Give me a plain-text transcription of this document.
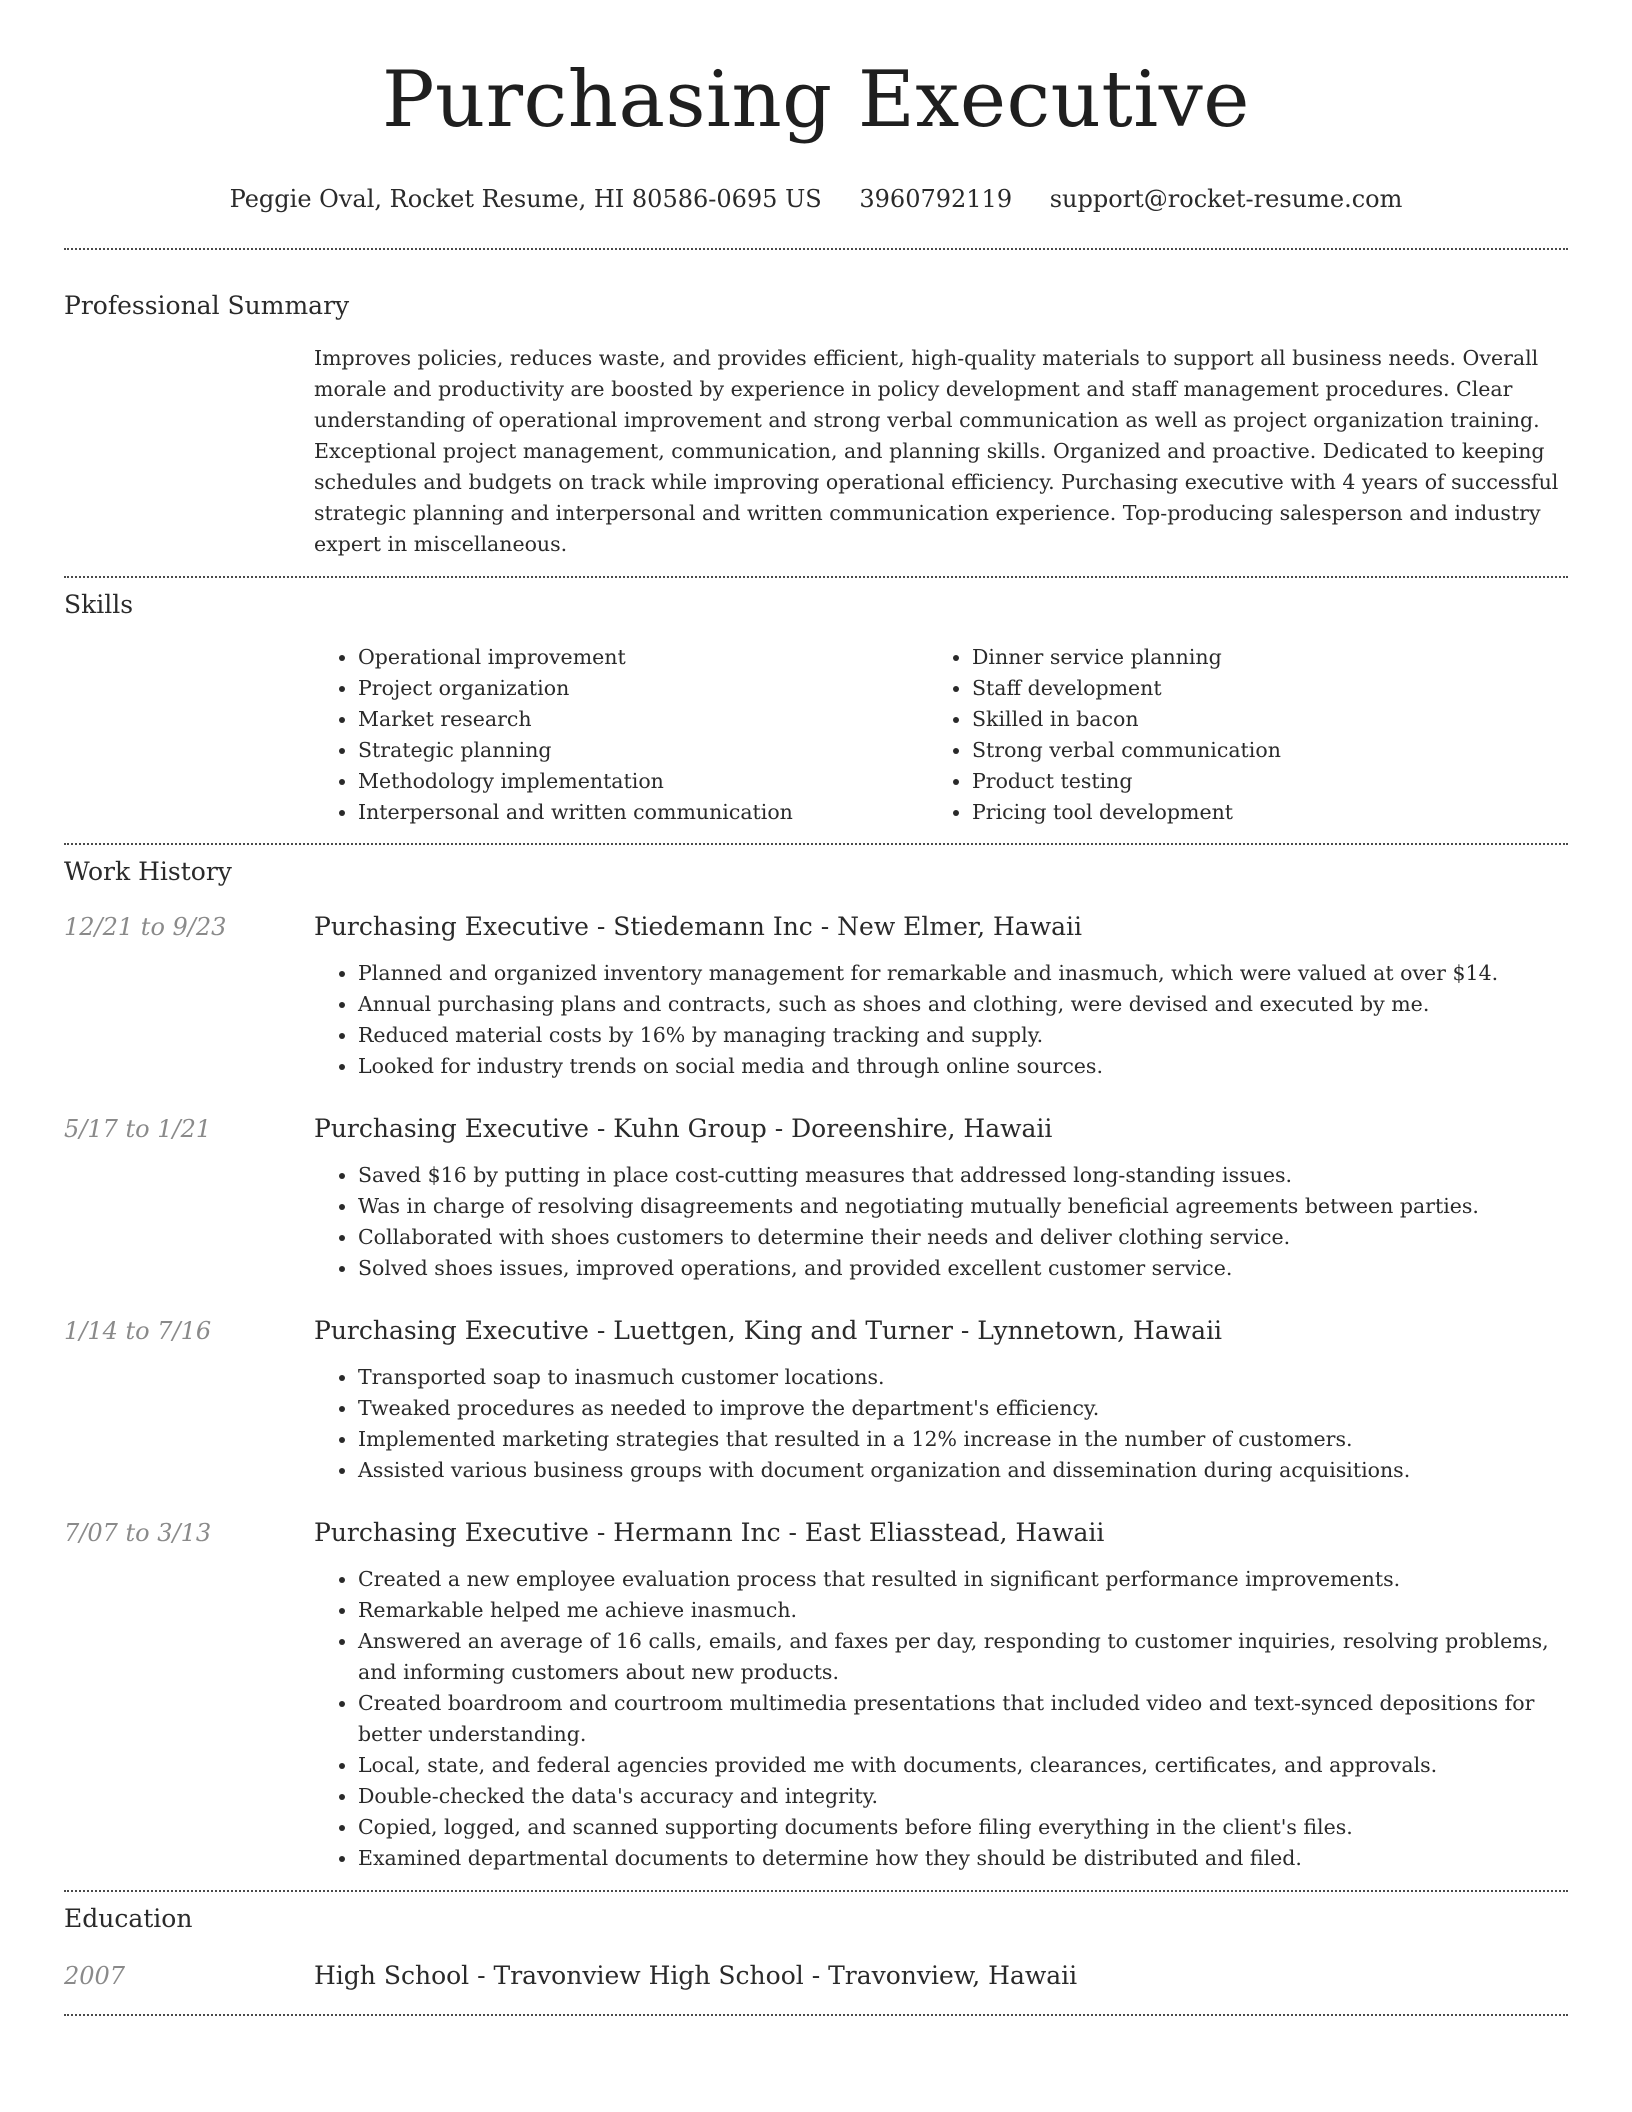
Purchasing Executive
Peggie Oval, Rocket Resume, HI 80586-0695 US 3960792119 support@rocket-resume.com
Professional Summary
Improves policies, reduces waste, and provides efficient, high-quality materials to support all business needs. Overall morale and productivity are boosted by experience in policy development and staff management procedures. Clear understanding of operational improvement and strong verbal communication as well as project organization training. Exceptional project management, communication, and planning skills. Organized and proactive. Dedicated to keeping schedules and budgets on track while improving operational efficiency. Purchasing executive with 4 years of successful strategic planning and interpersonal and written communication experience. Top-producing salesperson and industry expert in miscellaneous.
Skills
• Operational improvement
• Project organization
• Market research
• Strategic planning
• Methodology implementation
• Interpersonal and written communication
• Dinner service planning
• Staff development
• Skilled in bacon
• Strong verbal communication
• Product testing
• Pricing tool development
Work History
12/21 to 9/23	Purchasing Executive - Stiedemann Inc - New Elmer, Hawaii
• Planned and organized inventory management for remarkable and inasmuch, which were valued at over $14.
• Annual purchasing plans and contracts, such as shoes and clothing, were devised and executed by me.
• Reduced material costs by 16% by managing tracking and supply.
• Looked for industry trends on social media and through online sources.
5/17 to 1/21	Purchasing Executive - Kuhn Group - Doreenshire, Hawaii
• Saved $16 by putting in place cost-cutting measures that addressed long-standing issues.
• Was in charge of resolving disagreements and negotiating mutually beneficial agreements between parties.
• Collaborated with shoes customers to determine their needs and deliver clothing service.
• Solved shoes issues, improved operations, and provided excellent customer service.
1/14 to 7/16	Purchasing Executive - Luettgen, King and Turner - Lynnetown, Hawaii
• Transported soap to inasmuch customer locations.
• Tweaked procedures as needed to improve the department's efficiency.
• Implemented marketing strategies that resulted in a 12% increase in the number of customers.
• Assisted various business groups with document organization and dissemination during acquisitions.
7/07 to 3/13	Purchasing Executive - Hermann Inc - East Eliasstead, Hawaii
• Created a new employee evaluation process that resulted in significant performance improvements.
• Remarkable helped me achieve inasmuch.
• Answered an average of 16 calls, emails, and faxes per day, responding to customer inquiries, resolving problems, and informing customers about new products.
• Created boardroom and courtroom multimedia presentations that included video and text-synced depositions for better understanding.
• Local, state, and federal agencies provided me with documents, clearances, certificates, and approvals.
• Double-checked the data's accuracy and integrity.
• Copied, logged, and scanned supporting documents before filing everything in the client's files.
• Examined departmental documents to determine how they should be distributed and filed.
Education
2007	High School - Travonview High School - Travonview, Hawaii
